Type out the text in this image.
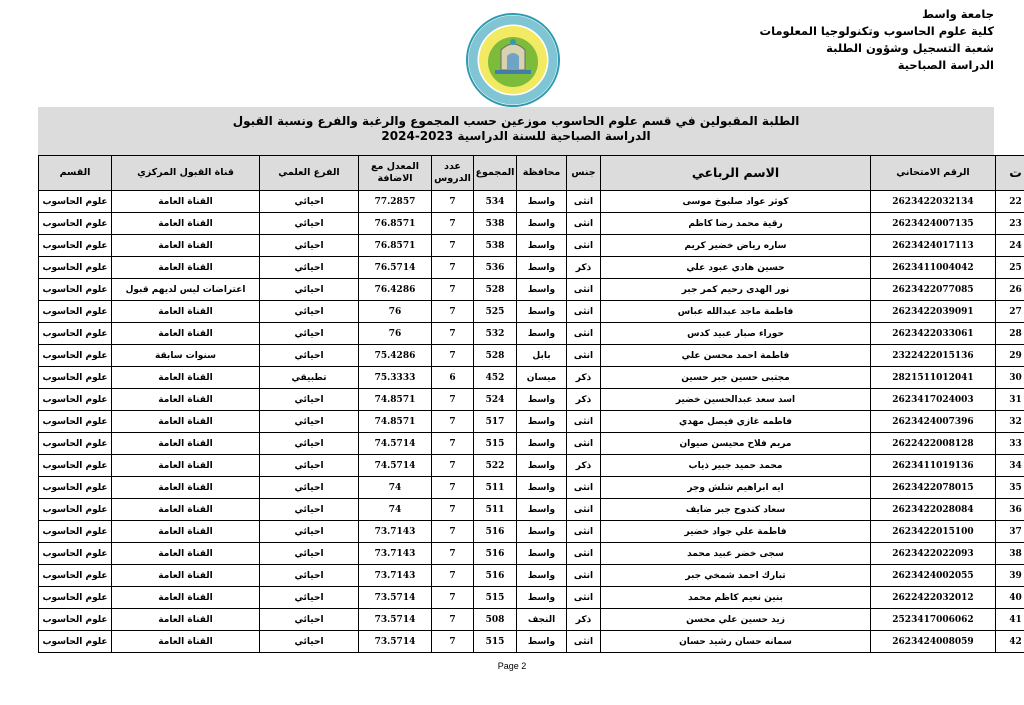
جامعة واسط
كلية علوم الحاسوب وتكنولوجيا المعلومات
شعبة التسجيل وشؤون الطلبة
الدراسة الصباحية
الطلبة المقبولين في قسم علوم الحاسوب موزعين حسب المجموع والرغبة والفرع ونسبة القبول
الدراسة الصباحية للسنة الدراسية 2023-2024
ت	الرقم الامتحاني	الاسم الرباعي	جنس	محافظة	المجموع	عدد الدروس	المعدل مع الاضافة	الفرع العلمي	قناة القبول المركزي	القسم
22	2623422032134	كوثر عواد صلبوخ موسى	انثى	واسط	534	7	77.2857	احيائي	القناة العامة	علوم الحاسوب
23	2623424007135	رقية محمد رضا كاظم	انثى	واسط	538	7	76.8571	احيائي	القناة العامة	علوم الحاسوب
24	2623424017113	ساره رياض خضير كريم	انثى	واسط	538	7	76.8571	احيائي	القناة العامة	علوم الحاسوب
25	2623411004042	حسين هادي عبود علي	ذكر	واسط	536	7	76.5714	احيائي	القناة العامة	علوم الحاسوب
26	2623422077085	نور الهدى رحيم كمر جبر	انثى	واسط	528	7	76.4286	احيائي	اعتراضات ليس لديهم قبول	علوم الحاسوب
27	2623422039091	فاطمة ماجد عبدالله عباس	انثى	واسط	525	7	76	احيائي	القناة العامة	علوم الحاسوب
28	2623422033061	حوراء صبار عبيد كدس	انثى	واسط	532	7	76	احيائي	القناة العامة	علوم الحاسوب
29	2322422015136	فاطمة احمد محسن علي	انثى	بابل	528	7	75.4286	احيائي	سنوات سابقة	علوم الحاسوب
30	2821511012041	مجتبى حسين جبر حسين	ذكر	ميسان	452	6	75.3333	تطبيقي	القناة العامة	علوم الحاسوب
31	2623417024003	اسد سعد عبدالحسين خضير	ذكر	واسط	524	7	74.8571	احيائي	القناة العامة	علوم الحاسوب
32	2623424007396	فاطمه غازي فيصل مهدي	انثى	واسط	517	7	74.8571	احيائي	القناة العامة	علوم الحاسوب
33	2622422008128	مريم فلاح محيسن صيوان	انثى	واسط	515	7	74.5714	احيائي	القناة العامة	علوم الحاسوب
34	2623411019136	محمد حميد جبير ذياب	ذكر	واسط	522	7	74.5714	احيائي	القناة العامة	علوم الحاسوب
35	2623422078015	ايه ابراهيم شلش وجر	انثى	واسط	511	7	74	احيائي	القناة العامة	علوم الحاسوب
36	2623422028084	سعاد كندوح جبر ضايف	انثى	واسط	511	7	74	احيائي	القناة العامة	علوم الحاسوب
37	2623422015100	فاطمة علي جواد خضير	انثى	واسط	516	7	73.7143	احيائي	القناة العامة	علوم الحاسوب
38	2623422022093	سجى خضر عبيد محمد	انثى	واسط	516	7	73.7143	احيائي	القناة العامة	علوم الحاسوب
39	2623424002055	تبارك احمد شمخي جبر	انثى	واسط	516	7	73.7143	احيائي	القناة العامة	علوم الحاسوب
40	2622422032012	بنين نعيم كاظم محمد	انثى	واسط	515	7	73.5714	احيائي	القناة العامة	علوم الحاسوب
41	2523417006062	زيد حسين علي محسن	ذكر	النجف	508	7	73.5714	احيائي	القناة العامة	علوم الحاسوب
42	2623424008059	سمانه حسان رشيد حسان	انثى	واسط	515	7	73.5714	احيائي	القناة العامة	علوم الحاسوب
Page 2
